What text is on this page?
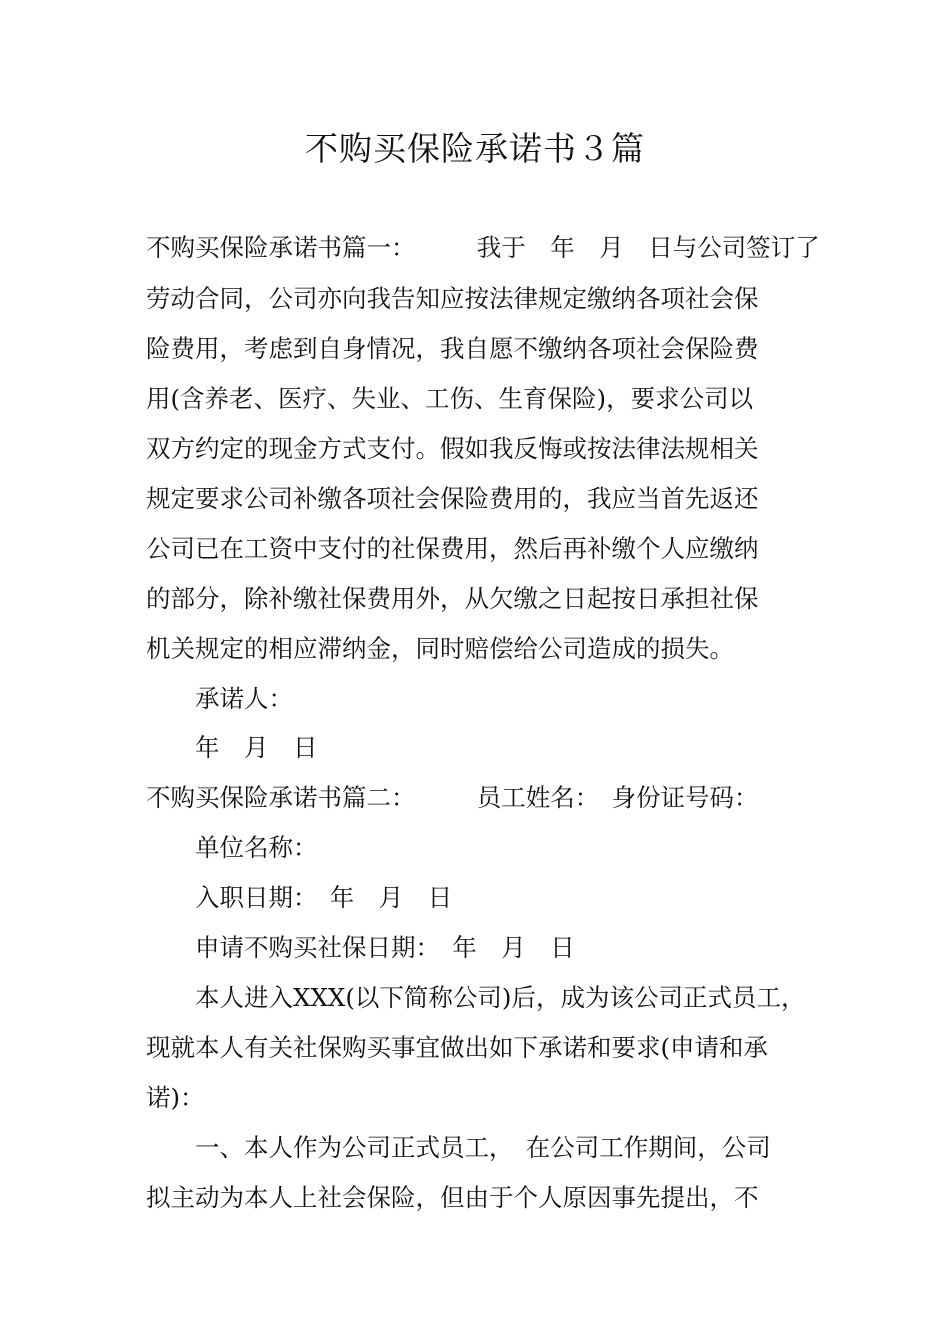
不购买保险承诺书３篇
不购买保险承诺书篇一：　　　我于　年　月　日与公司签订了
劳动合同，公司亦向我告知应按法律规定缴纳各项社会保
险费用，考虑到自身情况，我自愿不缴纳各项社会保险费
用(含养老、医疗、失业、工伤、生育保险)，要求公司以
双方约定的现金方式支付。假如我反悔或按法律法规相关
规定要求公司补缴各项社会保险费用的，我应当首先返还
公司已在工资中支付的社保费用，然后再补缴个人应缴纳
的部分，除补缴社保费用外，从欠缴之日起按日承担社保
机关规定的相应滞纳金，同时赔偿给公司造成的损失。
承诺人：
年　月　日
不购买保险承诺书篇二：　　　员工姓名：　身份证号码：
单位名称：
入职日期：　年　月　日
申请不购买社保日期：　年　月　日
本人进入XXX(以下简称公司)后，成为该公司正式员工，
现就本人有关社保购买事宜做出如下承诺和要求(申请和承
诺)：
一、本人作为公司正式员工，　在公司工作期间，公司
拟主动为本人上社会保险，但由于个人原因事先提出，不
